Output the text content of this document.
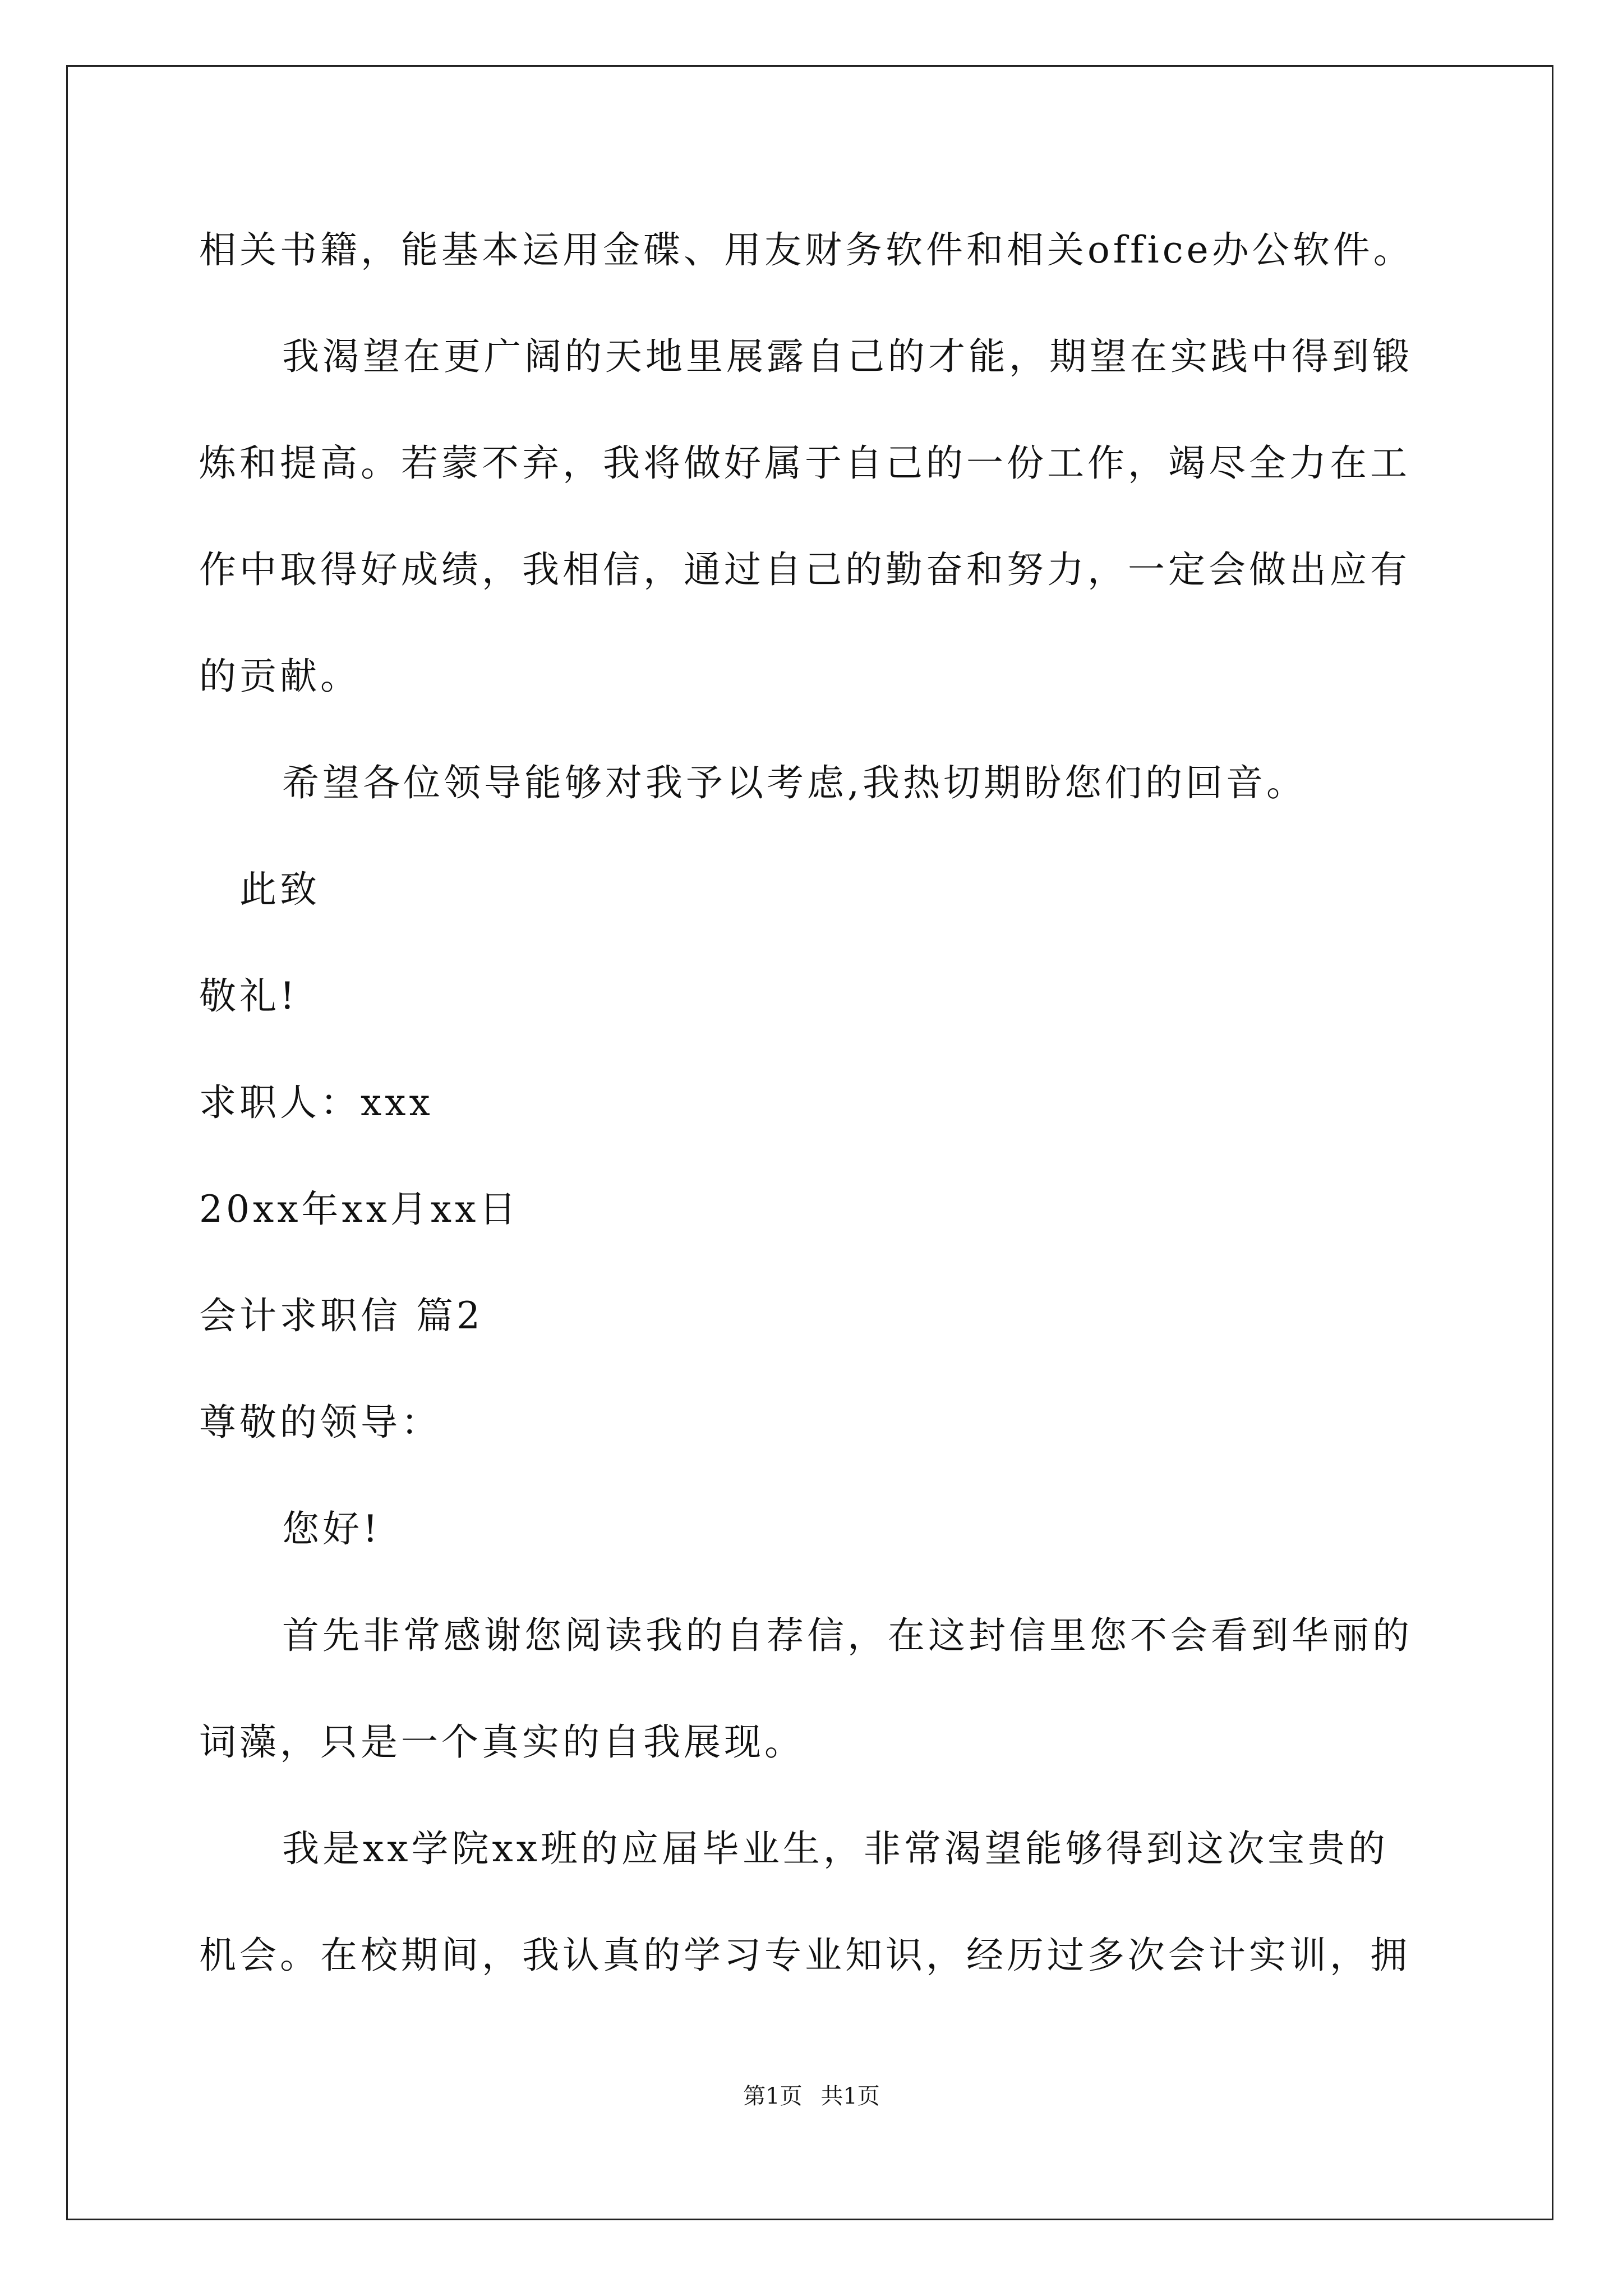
相关书籍，能基本运用金碟、用友财务软件和相关office办公软件。
我渴望在更广阔的天地里展露自己的才能，期望在实践中得到锻
炼和提高。若蒙不弃，我将做好属于自己的一份工作，竭尽全力在工
作中取得好成绩，我相信，通过自己的勤奋和努力，一定会做出应有
的贡献。
希望各位领导能够对我予以考虑,我热切期盼您们的回音。
此致
敬礼!
求职人：xxx
20xx年xx月xx日
会计求职信 篇2
尊敬的领导：
您好!
首先非常感谢您阅读我的自荐信，在这封信里您不会看到华丽的
词藻，只是一个真实的自我展现。
我是xx学院xx班的应届毕业生，非常渴望能够得到这次宝贵的
机会。在校期间，我认真的学习专业知识，经历过多次会计实训，拥
第1页 共1页
